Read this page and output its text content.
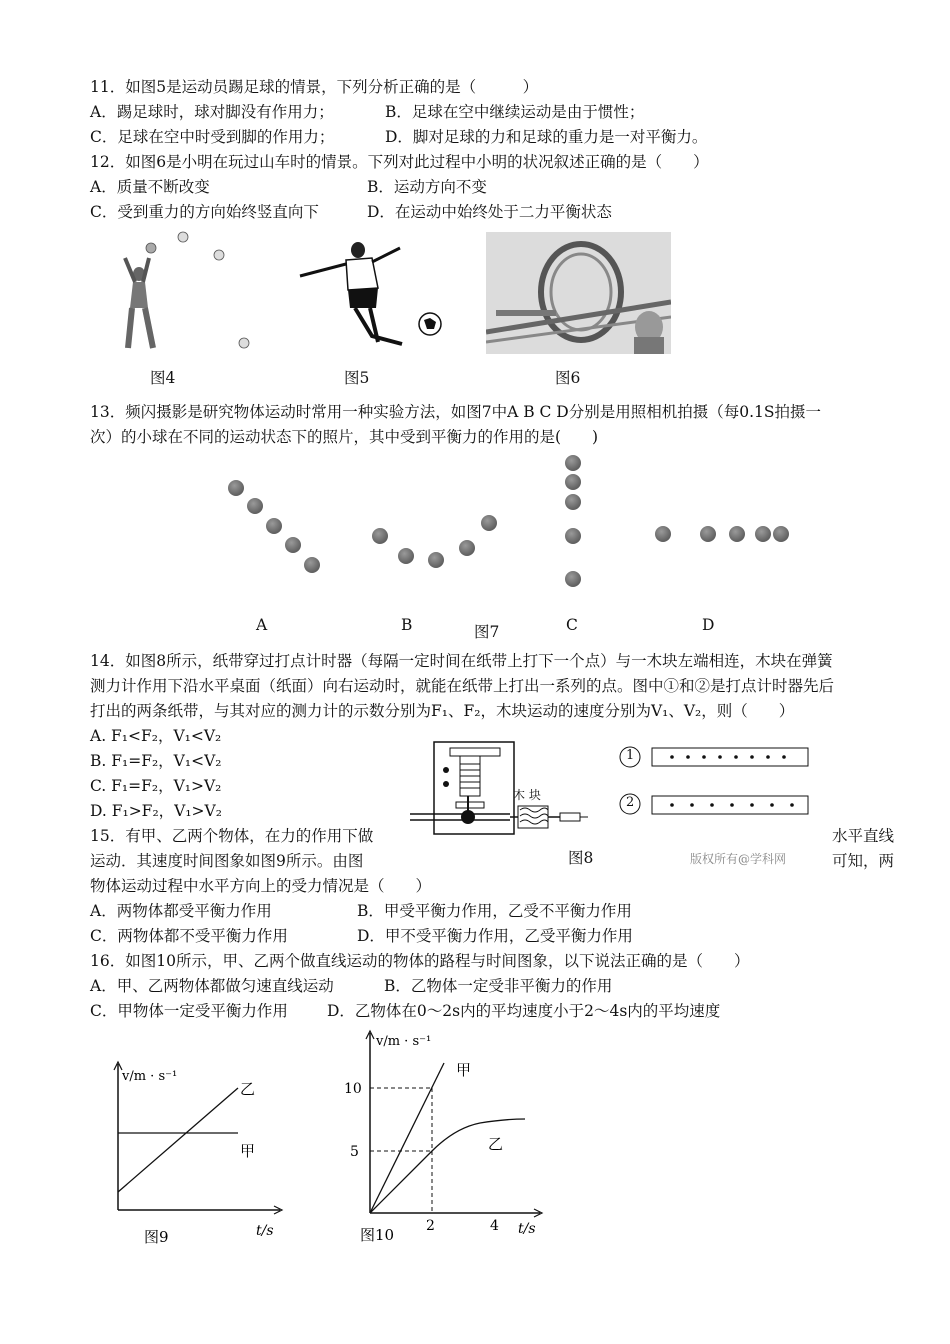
11．如图5是运动员踢足球的情景，下列分析正确的是（　　　）
A．踢足球时，球对脚没有作用力；	B．足球在空中继续运动是由于惯性；
C．足球在空中时受到脚的作用力；	D．脚对足球的力和足球的重力是一对平衡力。
12．如图6是小明在玩过山车时的情景。下列对此过程中小明的状况叙述正确的是（　　）
A．质量不断改变	B．运动方向不变
C．受到重力的方向始终竖直向下	D．在运动中始终处于二力平衡状态
图4	图5	图6
13．频闪摄影是研究物体运动时常用一种实验方法，如图7中A B C D分别是用照相机拍摄（每0.1S拍摄一
次）的小球在不同的运动状态下的照片，其中受到平衡力的作用的是(　　)
A	B	图7	C	D
14．如图8所示，纸带穿过打点计时器（每隔一定时间在纸带上打下一个点）与一木块左端相连，木块在弹簧
测力计作用下沿水平桌面（纸面）向右运动时，就能在纸带上打出一系列的点。图中①和②是打点计时器先后
打出的两条纸带，与其对应的测力计的示数分别为F₁、F₂，木块运动的速度分别为V₁、V₂，则（　　）
A. F₁<F₂，V₁<V₂
B. F₁=F₂，V₁<V₂
C. F₁=F₂，V₁>V₂
D. F₁>F₂，V₁>V₂
木 块
1
2
图8	版权所有@学科网
15．有甲、乙两个物体，在力的作用下做	水平直线
运动．其速度时间图象如图9所示。由图	可知，两
物体运动过程中水平方向上的受力情况是（　　）
A．两物体都受平衡力作用	B．甲受平衡力作用，乙受不平衡力作用
C．两物体都不受平衡力作用	D．甲不受平衡力作用，乙受平衡力作用
16．如图10所示，甲、乙两个做直线运动的物体的路程与时间图象，以下说法正确的是（　　）
A．甲、乙两物体都做匀速直线运动	B．乙物体一定受非平衡力的作用
C．甲物体一定受平衡力作用	D．乙物体在0～2s内的平均速度小于2～4s内的平均速度
v/m · s⁻¹
乙
甲
t/s
图9
v/m · s⁻¹
10
5
2	4 t/s
甲
乙
图10
